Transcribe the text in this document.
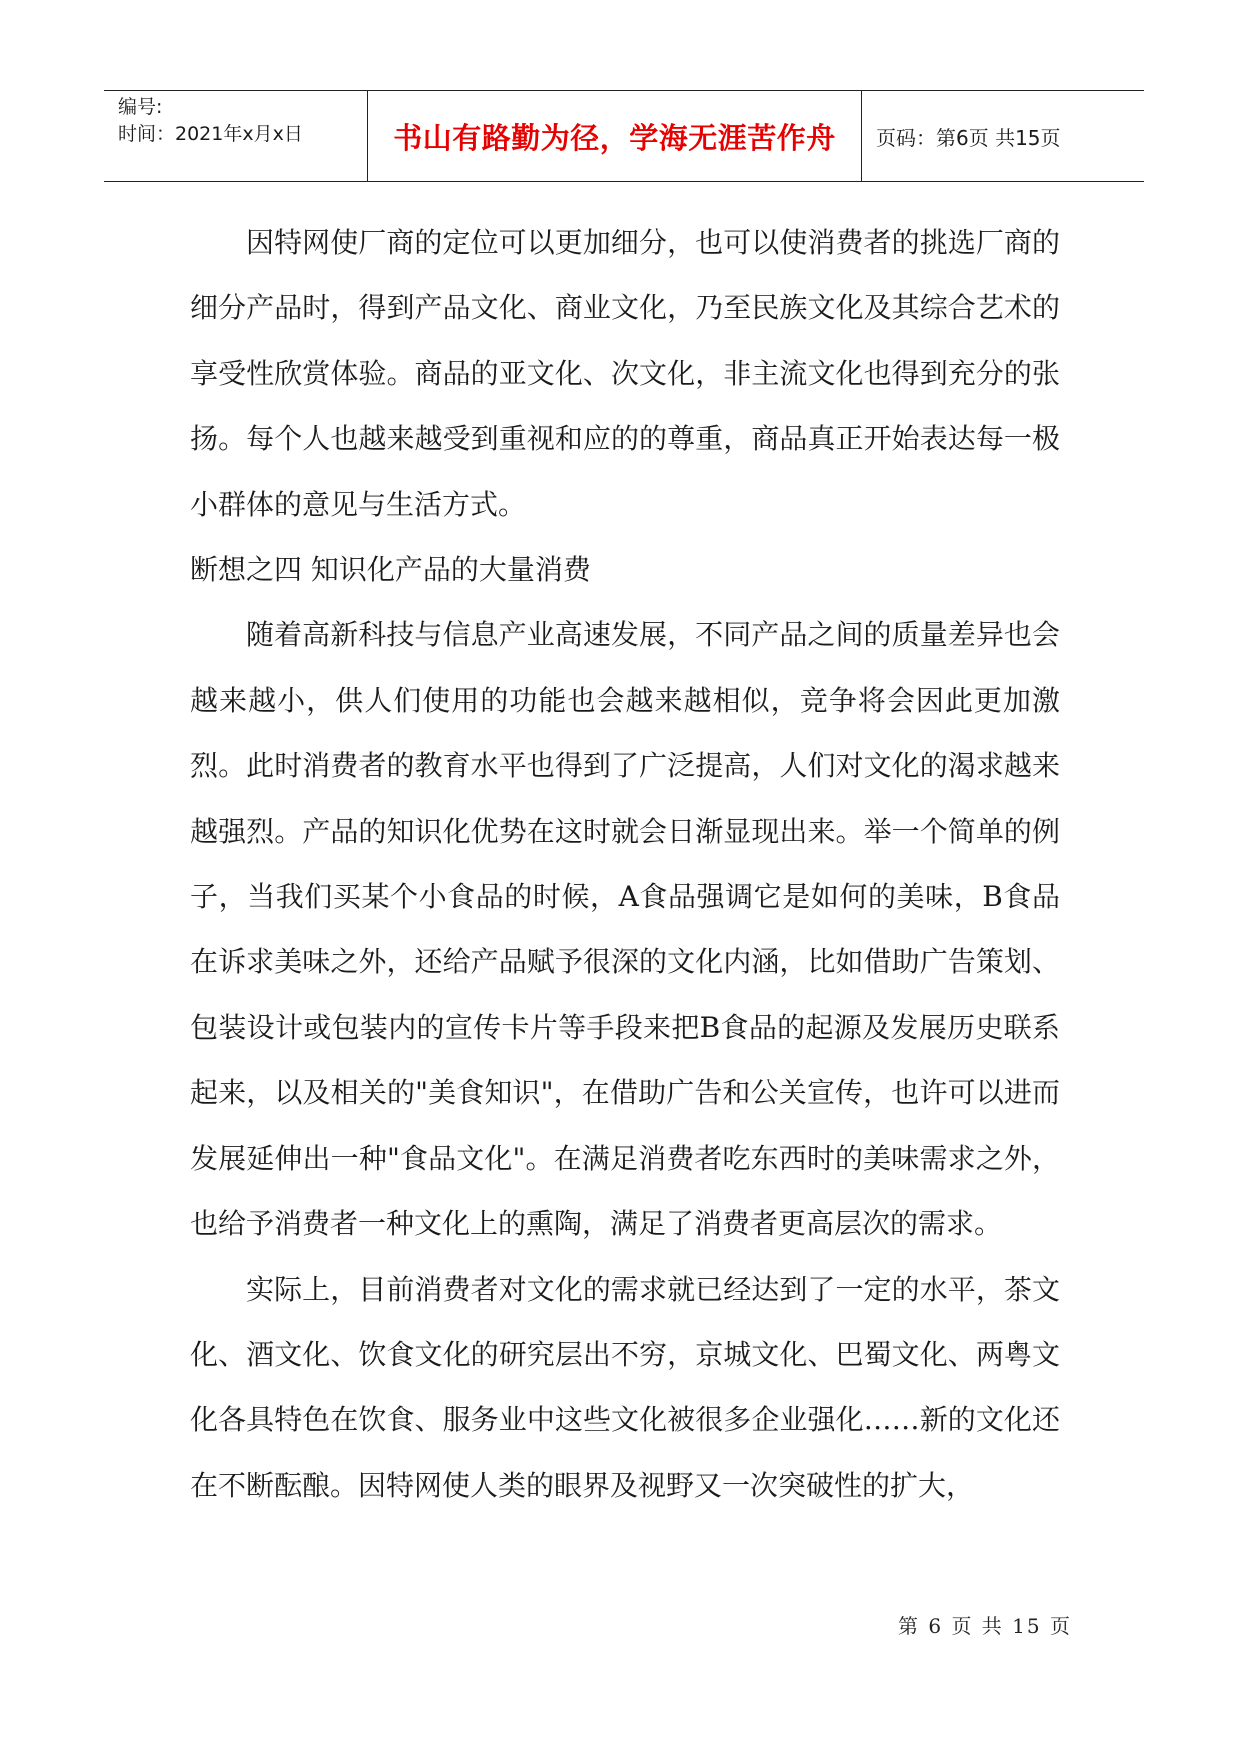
编号:
时间：2021年x月x日	书山有路勤为径，学海无涯苦作舟	页码：第6页 共15页

因特网使厂商的定位可以更加细分，也可以使消费者的挑选厂商的细分产品时，得到产品文化、商业文化，乃至民族文化及其综合艺术的享受性欣赏体验。商品的亚文化、次文化，非主流文化也得到充分的张扬。每个人也越来越受到重视和应的的尊重，商品真正开始表达每一极小群体的意见与生活方式。

断想之四 知识化产品的大量消费

随着高新科技与信息产业高速发展，不同产品之间的质量差异也会越来越小，供人们使用的功能也会越来越相似，竞争将会因此更加激烈。此时消费者的教育水平也得到了广泛提高，人们对文化的渴求越来越强烈。产品的知识化优势在这时就会日渐显现出来。举一个简单的例子，当我们买某个小食品的时候，A食品强调它是如何的美味，B食品在诉求美味之外，还给产品赋予很深的文化内涵，比如借助广告策划、包装设计或包装内的宣传卡片等手段来把B食品的起源及发展历史联系起来，以及相关的"美食知识"，在借助广告和公关宣传，也许可以进而发展延伸出一种"食品文化"。在满足消费者吃东西时的美味需求之外，也给予消费者一种文化上的熏陶，满足了消费者更高层次的需求。

实际上，目前消费者对文化的需求就已经达到了一定的水平，茶文化、酒文化、饮食文化的研究层出不穷，京城文化、巴蜀文化、两粤文化各具特色在饮食、服务业中这些文化被很多企业强化……新的文化还在不断酝酿。因特网使人类的眼界及视野又一次突破性的扩大，

第 6 页 共 15 页
